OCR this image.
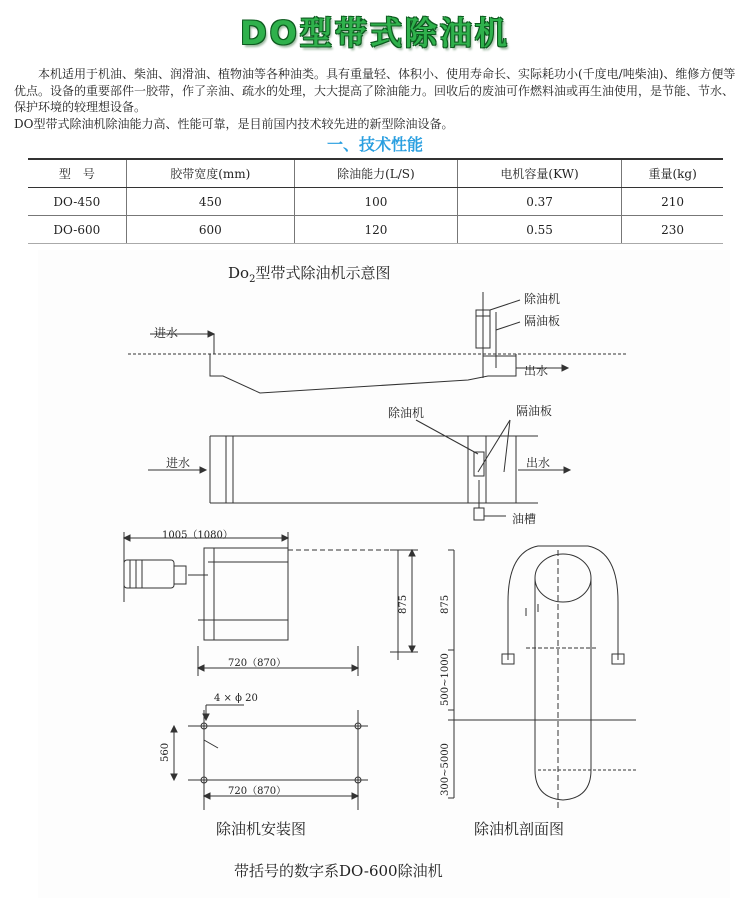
DO型带式除油机

本机适用于机油、柴油、润滑油、植物油等各种油类。具有重量轻、体积小、使用寿命长、实际耗功小(千度电/吨柴油)、维修方便等优点。设备的重要部件一胶带，作了亲油、疏水的处理，大大提高了除油能力。回收后的废油可作燃料油或再生油使用，是节能、节水、保护环境的较理想设备。

DO型带式除油机除油能力高、性能可靠，是目前国内技术较先进的新型除油设备。

一、技术性能
型　号	胶带宽度(mm)	除油能力(L/S)	电机容量(KW)	重量(kg)
DO-450	450	100	0.37	210
DO-600	600	120	0.55	230
$Do_2$型带式除油机示意图
进水
出水
除油机
隔油板
进水	出水
除油机	隔油板
油槽
1005（1080）
875
720（870）
4 × ϕ 20
560
720（870）
除油机安装图
875
500~1000
300~5000
除油机剖面图
带括号的数字系DO-600除油机
